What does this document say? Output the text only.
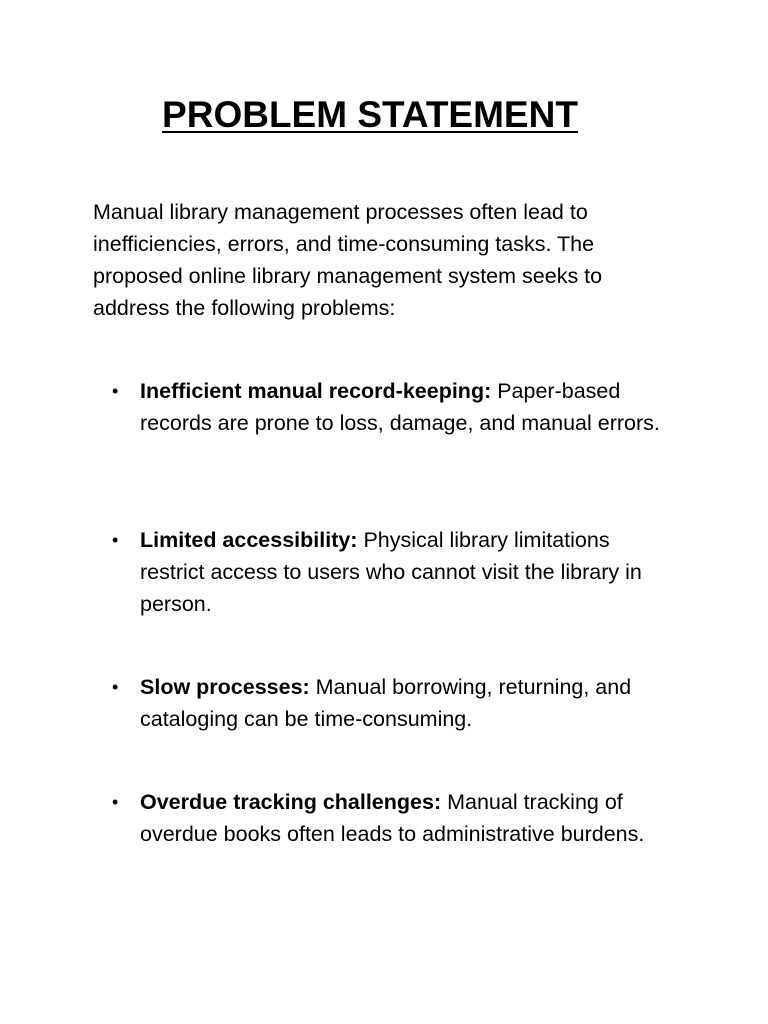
PROBLEM STATEMENT

Manual library management processes often lead to inefficiencies, errors, and time-consuming tasks. The proposed online library management system seeks to address the following problems:

•	Inefficient manual record-keeping: Paper-based records are prone to loss, damage, and manual errors.
•	Limited accessibility: Physical library limitations restrict access to users who cannot visit the library in person.
•	Slow processes: Manual borrowing, returning, and cataloging can be time-consuming.
•	Overdue tracking challenges: Manual tracking of overdue books often leads to administrative burdens.
